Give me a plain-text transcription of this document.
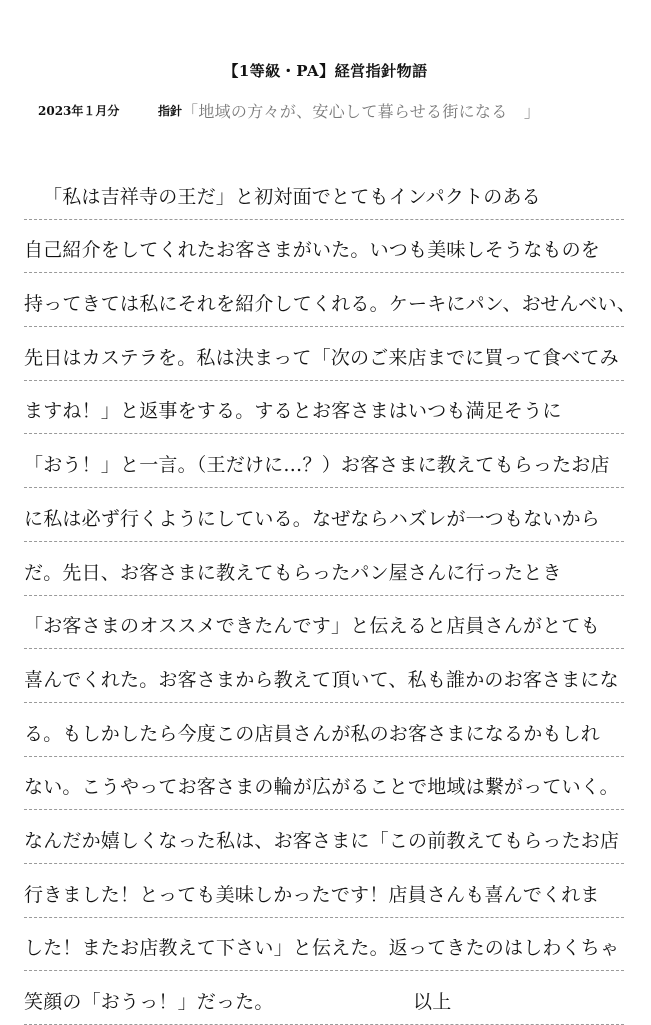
【1等級・PA】経営指針物語
2023年１月分	指針 「地域の方々が、安心して暮らせる街になる　」
「私は吉祥寺の王だ」と初対面でとてもインパクトのある
自己紹介をしてくれたお客さまがいた。いつも美味しそうなものを
持ってきては私にそれを紹介してくれる。ケーキにパン、おせんべい、
先日はカステラを。私は決まって「次のご来店までに買って食べてみ
ますね！」と返事をする。するとお客さまはいつも満足そうに
「おう！」と一言。（王だけに…？）お客さまに教えてもらったお店
に私は必ず行くようにしている。なぜならハズレが一つもないから
だ。先日、お客さまに教えてもらったパン屋さんに行ったとき
「お客さまのオススメできたんです」と伝えると店員さんがとても
喜んでくれた。お客さまから教えて頂いて、私も誰かのお客さまにな
る。もしかしたら今度この店員さんが私のお客さまになるかもしれ
ない。こうやってお客さまの輪が広がることで地域は繋がっていく。
なんだか嬉しくなった私は、お客さまに「この前教えてもらったお店
行きました！とっても美味しかったです！店員さんも喜んでくれま
した！またお店教えて下さい」と伝えた。返ってきたのはしわくちゃ
笑顔の「おうっ！」だった。	以上
